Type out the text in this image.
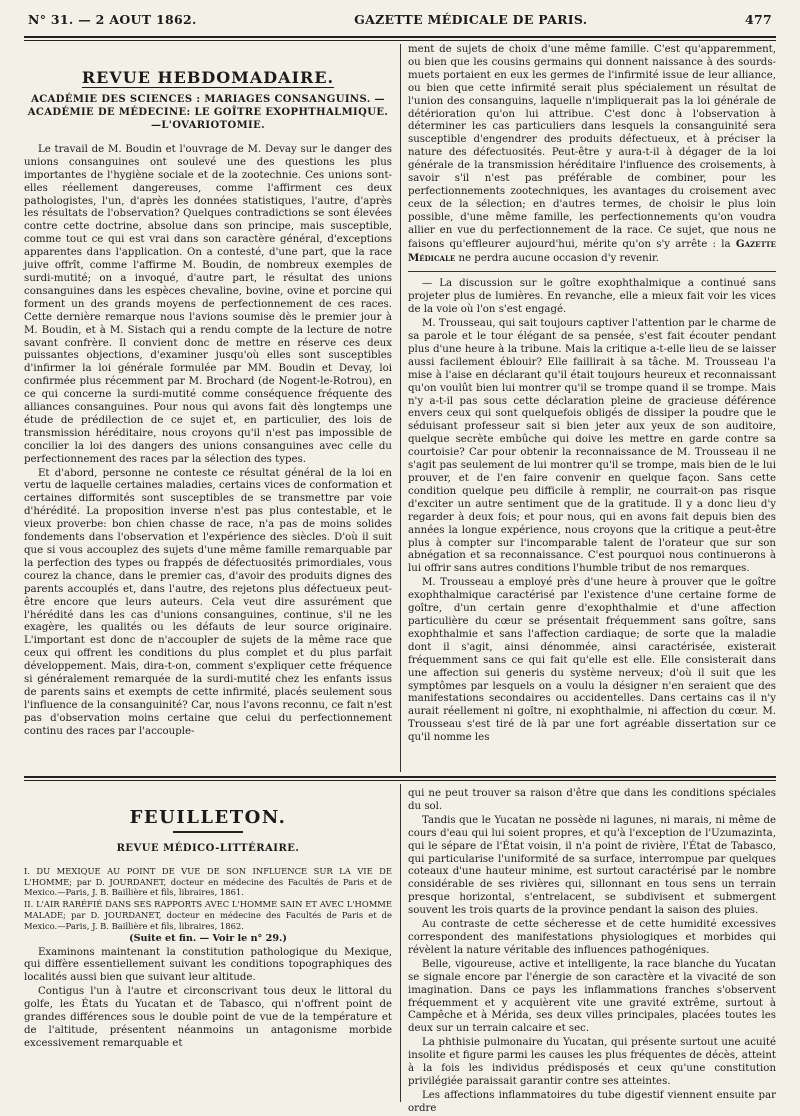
N° 31. — 2 AOUT 1862.	GAZETTE MÉDICALE DE PARIS.	477
REVUE HEBDOMADAIRE.
ACADÉMIE DES SCIENCES : MARIAGES CONSANGUINS. — ACADÉMIE DE MÉDECINE: LE GOÎTRE EXOPHTHALMIQUE.—L'OVARIOTOMIE.

Le travail de M. Boudin et l'ouvrage de M. Devay sur le danger des unions consanguines ont soulevé une des questions les plus importantes de l'hygiène sociale et de la zootechnie. Ces unions sont-elles réellement dangereuses, comme l'affirment ces deux pathologistes, l'un, d'après les données statistiques, l'autre, d'après les résultats de l'observation? Quelques contradictions se sont élevées contre cette doctrine, absolue dans son principe, mais susceptible, comme tout ce qui est vrai dans son caractère général, d'exceptions apparentes dans l'application. On a contesté, d'une part, que la race juive offrît, comme l'affirme M. Boudin, de nombreux exemples de surdi-mutité; on a invoqué, d'autre part, le résultat des unions consanguines dans les espèces chevaline, bovine, ovine et porcine qui forment un des grands moyens de perfectionnement de ces races. Cette dernière remarque nous l'avions soumise dès le premier jour à M. Boudin, et à M. Sistach qui a rendu compte de la lecture de notre savant confrère. Il convient donc de mettre en réserve ces deux puissantes objections, d'examiner jusqu'où elles sont susceptibles d'infirmer la loi générale formulée par MM. Boudin et Devay, loi confirmée plus récemment par M. Brochard (de Nogent-le-Rotrou), en ce qui concerne la surdi-mutité comme conséquence fréquente des alliances consanguines. Pour nous qui avons fait dès longtemps une étude de prédilection de ce sujet et, en particulier, des lois de transmission héréditaire, nous croyons qu'il n'est pas impossible de concilier la loi des dangers des unions consanguines avec celle du perfectionnement des races par la sélection des types.

Et d'abord, personne ne conteste ce résultat général de la loi en vertu de laquelle certaines maladies, certains vices de conformation et certaines difformités sont susceptibles de se transmettre par voie d'hérédité. La proposition inverse n'est pas plus contestable, et le vieux proverbe: bon chien chasse de race, n'a pas de moins solides fondements dans l'observation et l'expérience des siècles. D'où il suit que si vous accouplez des sujets d'une même famille remarquable par la perfection des types ou frappés de défectuosités primordiales, vous courez la chance, dans le premier cas, d'avoir des produits dignes des parents accouplés et, dans l'autre, des rejetons plus défectueux peut-être encore que leurs auteurs. Cela veut dire assurément que l'hérédité dans les cas d'unions consanguines, continue, s'il ne les exagère, les qualités ou les défauts de leur source originaire. L'important est donc de n'accoupler de sujets de la même race que ceux qui offrent les conditions du plus complet et du plus parfait développement. Mais, dira-t-on, comment s'expliquer cette fréquence si généralement remarquée de la surdi-mutité chez les enfants issus de parents sains et exempts de cette infirmité, placés seulement sous l'influence de la consanguinité? Car, nous l'avons reconnu, ce fait n'est pas d'observation moins certaine que celui du perfectionnement continu des races par l'accouple-

ment de sujets de choix d'une même famille. C'est qu'apparemment, ou bien que les cousins germains qui donnent naissance à des sourds-muets portaient en eux les germes de l'infirmité issue de leur alliance, ou bien que cette infirmité serait plus spécialement un résultat de l'union des consanguins, laquelle n'impliquerait pas la loi générale de détérioration qu'on lui attribue. C'est donc à l'observation à déterminer les cas particuliers dans lesquels la consanguinité sera susceptible d'engendrer des produits défectueux, et à préciser la nature des défectuosités. Peut-être y aura-t-il à dégager de la loi générale de la transmission héréditaire l'influence des croisements, à savoir s'il n'est pas préférable de combiner, pour les perfectionnements zootechniques, les avantages du croisement avec ceux de la sélection; en d'autres termes, de choisir le plus loin possible, d'une même famille, les perfectionnements qu'on voudra allier en vue du perfectionnement de la race. Ce sujet, que nous ne faisons qu'effleurer aujourd'hui, mérite qu'on s'y arrête : la Gazette Médicale ne perdra aucune occasion d'y revenir.

— La discussion sur le goître exophthalmique a continué sans projeter plus de lumières. En revanche, elle a mieux fait voir les vices de la voie où l'on s'est engagé.

M. Trousseau, qui sait toujours captiver l'attention par le charme de sa parole et le tour élégant de sa pensée, s'est fait écouter pendant plus d'une heure à la tribune. Mais la critique a-t-elle lieu de se laisser aussi facilement éblouir? Elle faillirait à sa tâche. M. Trousseau l'a mise à l'aise en déclarant qu'il était toujours heureux et reconnaissant qu'on voulût bien lui montrer qu'il se trompe quand il se trompe. Mais n'y a-t-il pas sous cette déclaration pleine de gracieuse déférence envers ceux qui sont quelquefois obligés de dissiper la poudre que le séduisant professeur sait si bien jeter aux yeux de son auditoire, quelque secrète embûche qui doive les mettre en garde contre sa courtoisie? Car pour obtenir la reconnaissance de M. Trousseau il ne s'agit pas seulement de lui montrer qu'il se trompe, mais bien de le lui prouver, et de l'en faire convenir en quelque façon. Sans cette condition quelque peu difficile à remplir, ne courrait-on pas risque d'exciter un autre sentiment que de la gratitude. Il y a donc lieu d'y regarder à deux fois; et pour nous, qui en avons fait depuis bien des années la longue expérience, nous croyons que la critique a peut-être plus à compter sur l'incomparable talent de l'orateur que sur son abnégation et sa reconnaissance. C'est pourquoi nous continuerons à lui offrir sans autres conditions l'humble tribut de nos remarques.

M. Trousseau a employé près d'une heure à prouver que le goître exophthalmique caractérisé par l'existence d'une certaine forme de goître, d'un certain genre d'exophthalmie et d'une affection particulière du cœur se présentait fréquemment sans goître, sans exophthalmie et sans l'affection cardiaque; de sorte que la maladie dont il s'agit, ainsi dénommée, ainsi caractérisée, existerait fréquemment sans ce qui fait qu'elle est elle. Elle consisterait dans une affection sui generis du système nerveux; d'où il suit que les symptômes par lesquels on a voulu la désigner n'en seraient que des manifestations secondaires ou accidentelles. Dans certains cas il n'y aurait réellement ni goître, ni exophthalmie, ni affection du cœur. M. Trousseau s'est tiré de là par une fort agréable dissertation sur ce qu'il nomme les

FEUILLETON.
REVUE MÉDICO-LITTÉRAIRE.

I. DU MEXIQUE AU POINT DE VUE DE SON INFLUENCE SUR LA VIE DE L'HOMME; par D. JOURDANET, docteur en médecine des Facultés de Paris et de Mexico.—Paris, J. B. Baillière et fils, libraires, 1861.

II. L'AIR RARÉFIÉ DANS SES RAPPORTS AVEC L'HOMME SAIN ET AVEC L'HOMME MALADE; par D. JOURDANET, docteur en médecine des Facultés de Paris et de Mexico.—Paris, J. B. Baillière et fils, libraires, 1862.

(Suite et fin. — Voir le n° 29.)

Examinons maintenant la constitution pathologique du Mexique, qui diffère essentiellement suivant les conditions topographiques des localités aussi bien que suivant leur altitude.

Contigus l'un à l'autre et circonscrivant tous deux le littoral du golfe, les États du Yucatan et de Tabasco, qui n'offrent point de grandes différences sous le double point de vue de la température et de l'altitude, présentent néanmoins un antagonisme morbide excessivement remarquable et

qui ne peut trouver sa raison d'être que dans les conditions spéciales du sol.

Tandis que le Yucatan ne possède ni lagunes, ni marais, ni même de cours d'eau qui lui soient propres, et qu'à l'exception de l'Uzumazinta, qui le sépare de l'État voisin, il n'a point de rivière, l'État de Tabasco, qui particularise l'uniformité de sa surface, interrompue par quelques coteaux d'une hauteur minime, est surtout caractérisé par le nombre considérable de ses rivières qui, sillonnant en tous sens un terrain presque horizontal, s'entrelacent, se subdivisent et submergent souvent les trois quarts de la province pendant la saison des pluies.

Au contraste de cette sécheresse et de cette humidité excessives correspondent des manifestations physiologiques et morbides qui révèlent la nature véritable des influences pathogéniques.

Belle, vigoureuse, active et intelligente, la race blanche du Yucatan se signale encore par l'énergie de son caractère et la vivacité de son imagination. Dans ce pays les inflammations franches s'observent fréquemment et y acquièrent vite une gravité extrême, surtout à Campêche et à Mérida, ses deux villes principales, placées toutes les deux sur un terrain calcaire et sec.

La phthisie pulmonaire du Yucatan, qui présente surtout une acuité insolite et figure parmi les causes les plus fréquentes de décès, atteint à la fois les individus prédisposés et ceux qu'une constitution privilégiée paraissait garantir contre ses atteintes.

Les affections inflammatoires du tube digestif viennent ensuite par ordre
